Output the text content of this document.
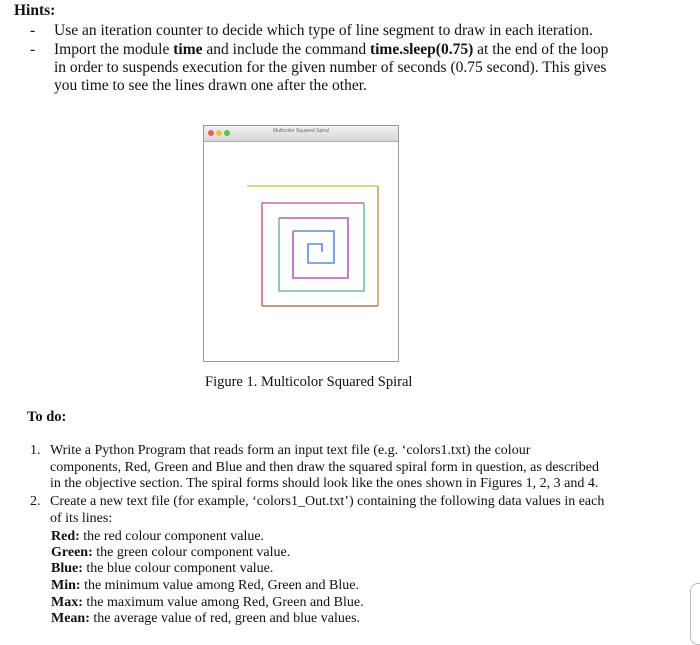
Hints:
- Use an iteration counter to decide which type of line segment to draw in each iteration.
- Import the module time and include the command time.sleep(0.75) at the end of the loop
in order to suspends execution for the given number of seconds (0.75 second). This gives
you time to see the lines drawn one after the other.
Multicolor Squared Spiral
Figure 1. Multicolor Squared Spiral
To do:
1. Write a Python Program that reads form an input text file (e.g. ‘colors1.txt) the colour
components, Red, Green and Blue and then draw the squared spiral form in question, as described
in the objective section. The spiral forms should look like the ones shown in Figures 1, 2, 3 and 4.
2. Create a new text file (for example, ‘colors1_Out.txt’) containing the following data values in each
of its lines:
Red: the red colour component value.
Green: the green colour component value.
Blue: the blue colour component value.
Min: the minimum value among Red, Green and Blue.
Max: the maximum value among Red, Green and Blue.
Mean: the average value of red, green and blue values.
